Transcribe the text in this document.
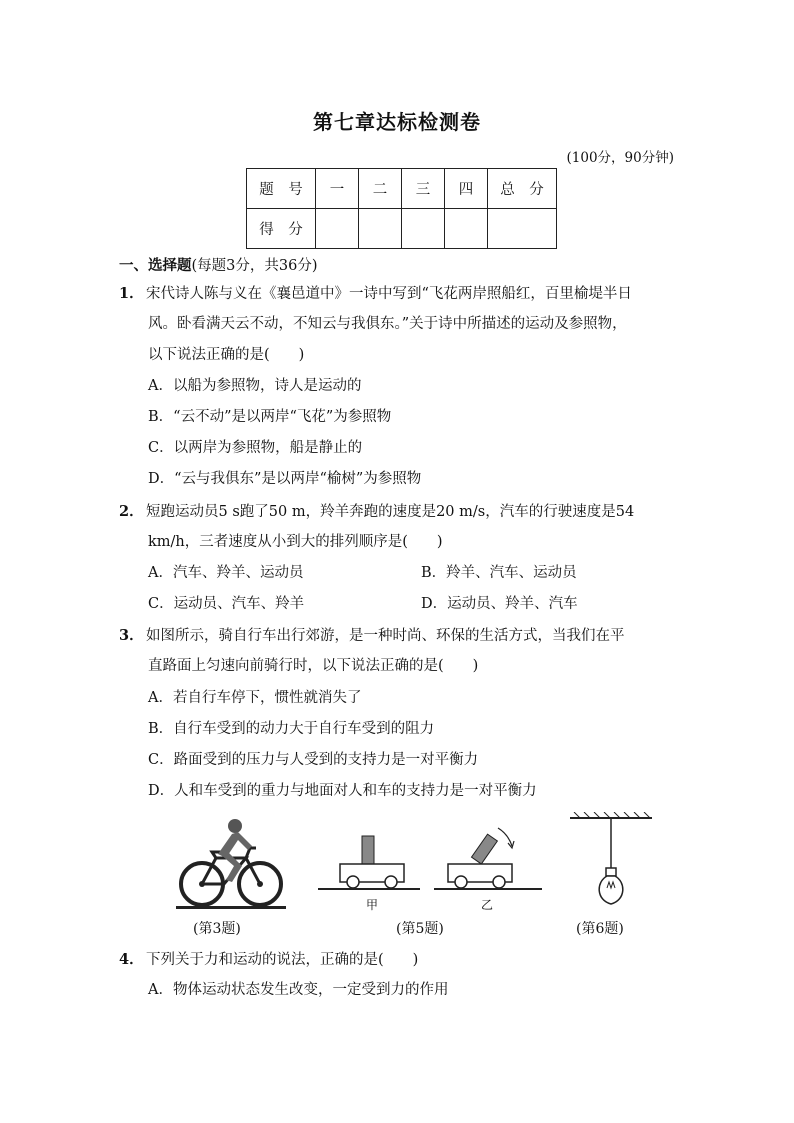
第七章达标检测卷
(100分，90分钟)
题　号	一	二	三	四	总　分
得　分					
一、选择题(每题3分，共36分)
1． 宋代诗人陈与义在《襄邑道中》一诗中写到“飞花两岸照船红，百里榆堤半日
风。卧看满天云不动，不知云与我俱东。”关于诗中所描述的运动及参照物，
以下说法正确的是(　　)
A．以船为参照物，诗人是运动的
B．“云不动”是以两岸“飞花”为参照物
C．以两岸为参照物，船是静止的
D．“云与我俱东”是以两岸“榆树”为参照物
2． 短跑运动员5 s跑了50 m，羚羊奔跑的速度是20 m/s，汽车的行驶速度是54
km/h，三者速度从小到大的排列顺序是(　　)
A．汽车、羚羊、运动员	B．羚羊、汽车、运动员
C．运动员、汽车、羚羊	D．运动员、羚羊、汽车
3． 如图所示，骑自行车出行郊游，是一种时尚、环保的生活方式，当我们在平
直路面上匀速向前骑行时，以下说法正确的是(　　)
A．若自行车停下，惯性就消失了
B．自行车受到的动力大于自行车受到的阻力
C．路面受到的压力与人受到的支持力是一对平衡力
D．人和车受到的重力与地面对人和车的支持力是一对平衡力
(第3题)
甲	乙
(第5题)	(第6题)
4． 下列关于力和运动的说法，正确的是(　　)
A．物体运动状态发生改变，一定受到力的作用
